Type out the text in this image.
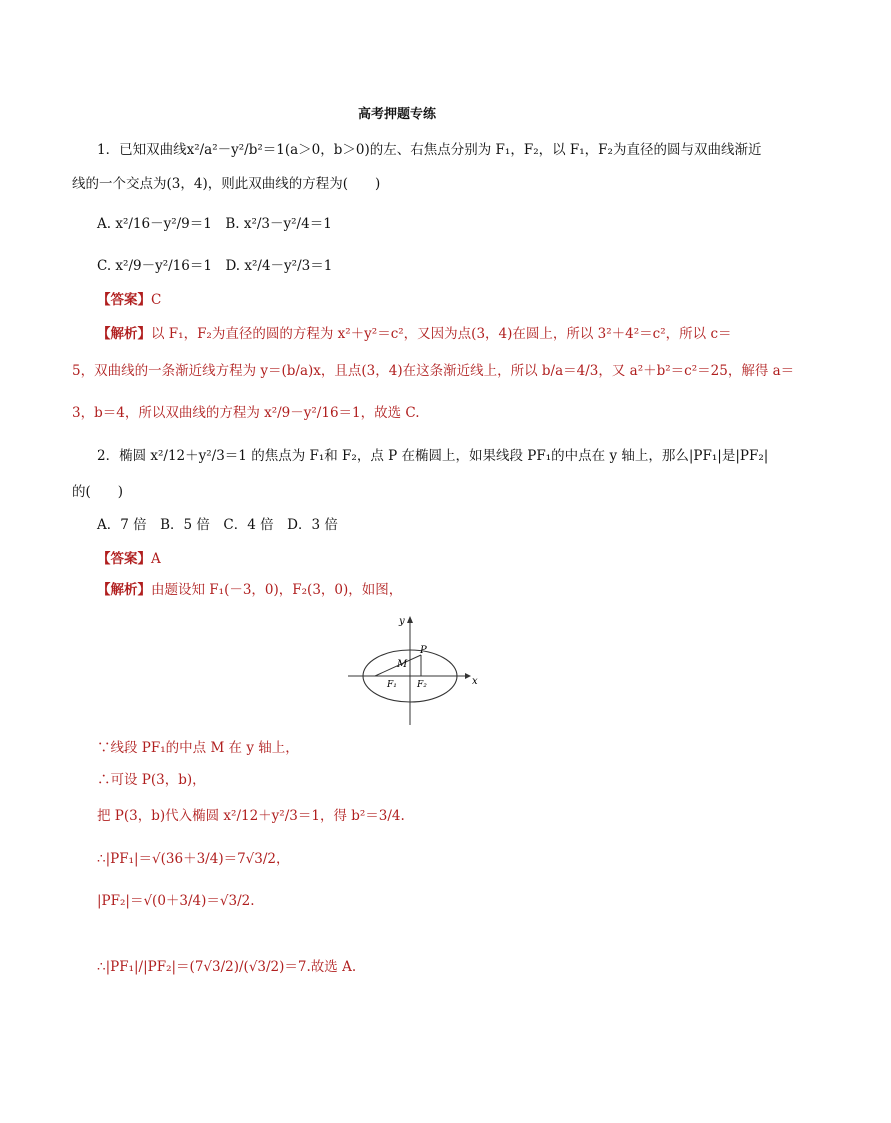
高考押题专练
1．已知双曲线x²/a²－y²/b²＝1(a＞0，b＞0)的左、右焦点分别为 F₁，F₂，以 F₁，F₂为直径的圆与双曲线渐近
线的一个交点为(3，4)，则此双曲线的方程为(　　)
A. x²/16－y²/9＝1　B. x²/3－y²/4＝1
C. x²/9－y²/16＝1　D. x²/4－y²/3＝1
【答案】C
【解析】以 F₁，F₂为直径的圆的方程为 x²＋y²＝c²，又因为点(3，4)在圆上，所以 3²＋4²＝c²，所以 c＝
5，双曲线的一条渐近线方程为 y＝(b/a)x，且点(3，4)在这条渐近线上，所以 b/a＝4/3，又 a²＋b²＝c²＝25，解得 a＝
3，b＝4，所以双曲线的方程为 x²/9－y²/16＝1，故选 C.
2．椭圆 x²/12＋y²/3＝1 的焦点为 F₁和 F₂，点 P 在椭圆上，如果线段 PF₁的中点在 y 轴上，那么|PF₁|是|PF₂|
的(　　)
A．7 倍　B．5 倍　C．4 倍　D．3 倍
【答案】A
【解析】由题设知 F₁(－3，0)，F₂(3，0)，如图，
x
y
M
P
F₁ F₂
∵线段 PF₁的中点 M 在 y 轴上，
∴可设 P(3，b)，
把 P(3，b)代入椭圆 x²/12＋y²/3＝1，得 b²＝3/4.
∴|PF₁|＝√(36＋3/4)＝7√3/2，
|PF₂|＝√(0＋3/4)＝√3/2.
∴|PF₁|/|PF₂|＝(7√3/2)/(√3/2)＝7.故选 A.
